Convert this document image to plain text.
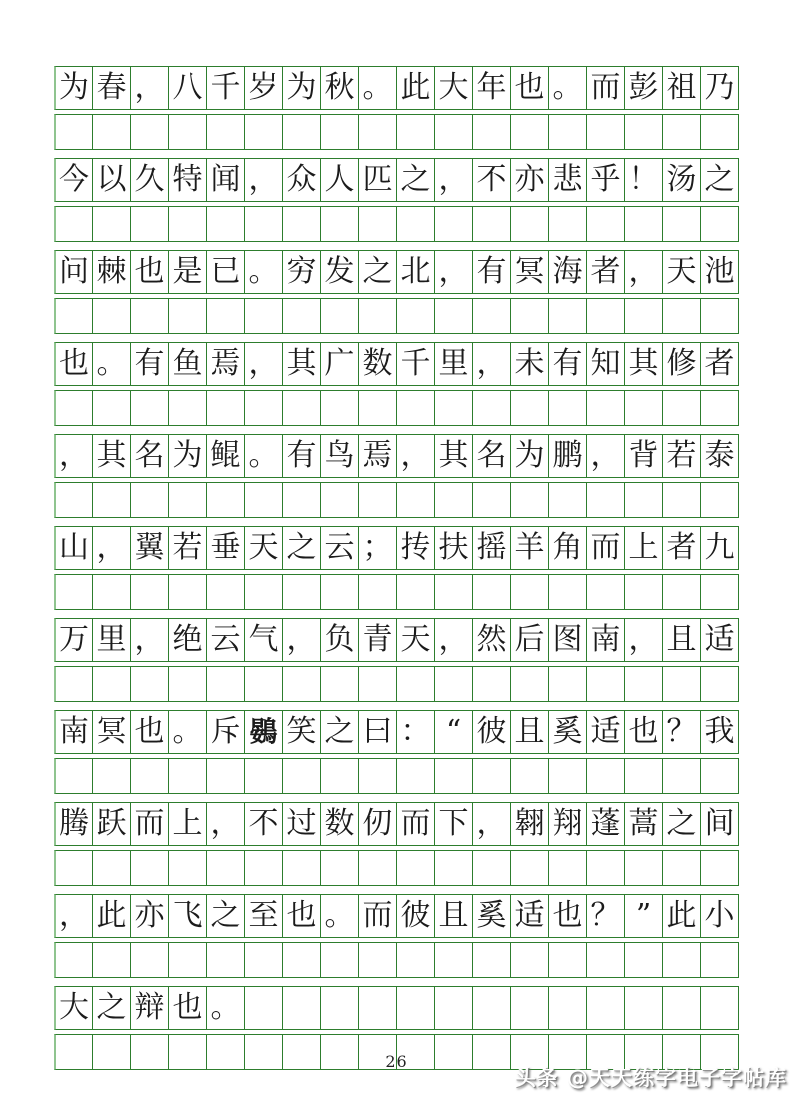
为 春 ， 八 千 岁 为 秋 。 此 大 年 也 。 而 彭 祖 乃
今 以 久 特 闻 ， 众 人 匹 之 ， 不 亦 悲 乎 ！ 汤 之
问 棘 也 是 已 。 穷 发 之 北 ， 有 冥 海 者 ， 天 池
也 。 有 鱼 焉 ， 其 广 数 千 里 ， 未 有 知 其 修 者
， 其 名 为 鲲 。 有 鸟 焉 ， 其 名 为 鹏 ， 背 若 泰
山 ， 翼 若 垂 天 之 云 ； 抟 扶 摇 羊 角 而 上 者 九
万 里 ， 绝 云 气 ， 负 青 天 ， 然 后 图 南 ， 且 适
南 冥 也 。 斥 鷃 笑 之 曰 ： “ 彼 且 奚 适 也 ？ 我
腾 跃 而 上 ， 不 过 数 仞 而 下 ， 翱 翔 蓬 蒿 之 间
， 此 亦 飞 之 至 也 。 而 彼 且 奚 适 也 ？ ” 此 小
大 之 辩 也 。
26
头条 @天天练字电子字帖库
